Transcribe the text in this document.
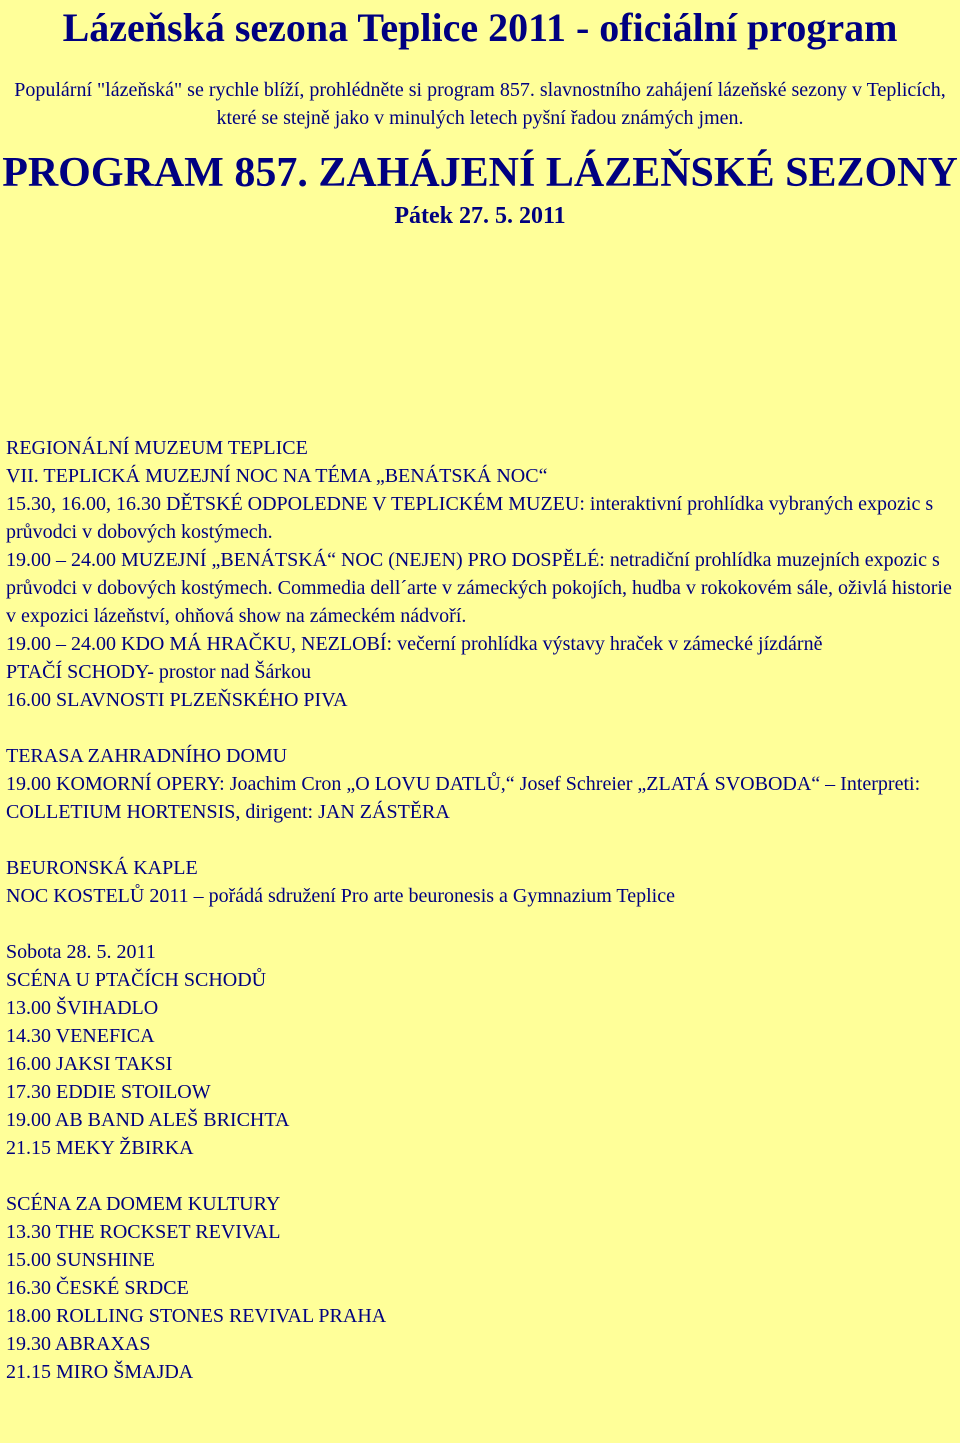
Lázeňská sezona Teplice 2011 - oficiální program

Populární "lázeňská" se rychle blíží, prohlédněte si program 857. slavnostního zahájení lázeňské sezony v Teplicích, které se stejně jako v minulých letech pyšní řadou známých jmen.

PROGRAM 857. ZAHÁJENÍ LÁZEŇSKÉ SEZONY

Pátek 27. 5. 2011

REGIONÁLNÍ MUZEUM TEPLICE
VII. TEPLICKÁ MUZEJNÍ NOC NA TÉMA „BENÁTSKÁ NOC“
15.30, 16.00, 16.30 DĚTSKÉ ODPOLEDNE V TEPLICKÉM MUZEU: interaktivní prohlídka vybraných expozic s průvodci v dobových kostýmech.
19.00 – 24.00 MUZEJNÍ „BENÁTSKÁ“ NOC (NEJEN) PRO DOSPĚLÉ: netradiční prohlídka muzejních expozic s průvodci v dobových kostýmech. Commedia dell´arte v zámeckých pokojích, hudba v rokokovém sále, oživlá historie v expozici lázeňství, ohňová show na zámeckém nádvoří.
19.00 – 24.00 KDO MÁ HRAČKU, NEZLOBÍ: večerní prohlídka výstavy hraček v zámecké jízdárně
PTAČÍ SCHODY- prostor nad Šárkou
16.00 SLAVNOSTI PLZEŇSKÉHO PIVA
TERASA ZAHRADNÍHO DOMU
19.00 KOMORNÍ OPERY: Joachim Cron „O LOVU DATLŮ,“ Josef Schreier „ZLATÁ SVOBODA“ – Interpreti: COLLETIUM HORTENSIS, dirigent: JAN ZÁSTĚRA
BEURONSKÁ KAPLE
NOC KOSTELŮ 2011 – pořádá sdružení Pro arte beuronesis a Gymnazium Teplice
Sobota 28. 5. 2011
SCÉNA U PTAČÍCH SCHODŮ
13.00 ŠVIHADLO
14.30 VENEFICA
16.00 JAKSI TAKSI
17.30 EDDIE STOILOW
19.00 AB BAND ALEŠ BRICHTA
21.15 MEKY ŽBIRKA
SCÉNA ZA DOMEM KULTURY
13.30 THE ROCKSET REVIVAL
15.00 SUNSHINE
16.30 ČESKÉ SRDCE
18.00 ROLLING STONES REVIVAL PRAHA
19.30 ABRAXAS
21.15 MIRO ŠMAJDA
